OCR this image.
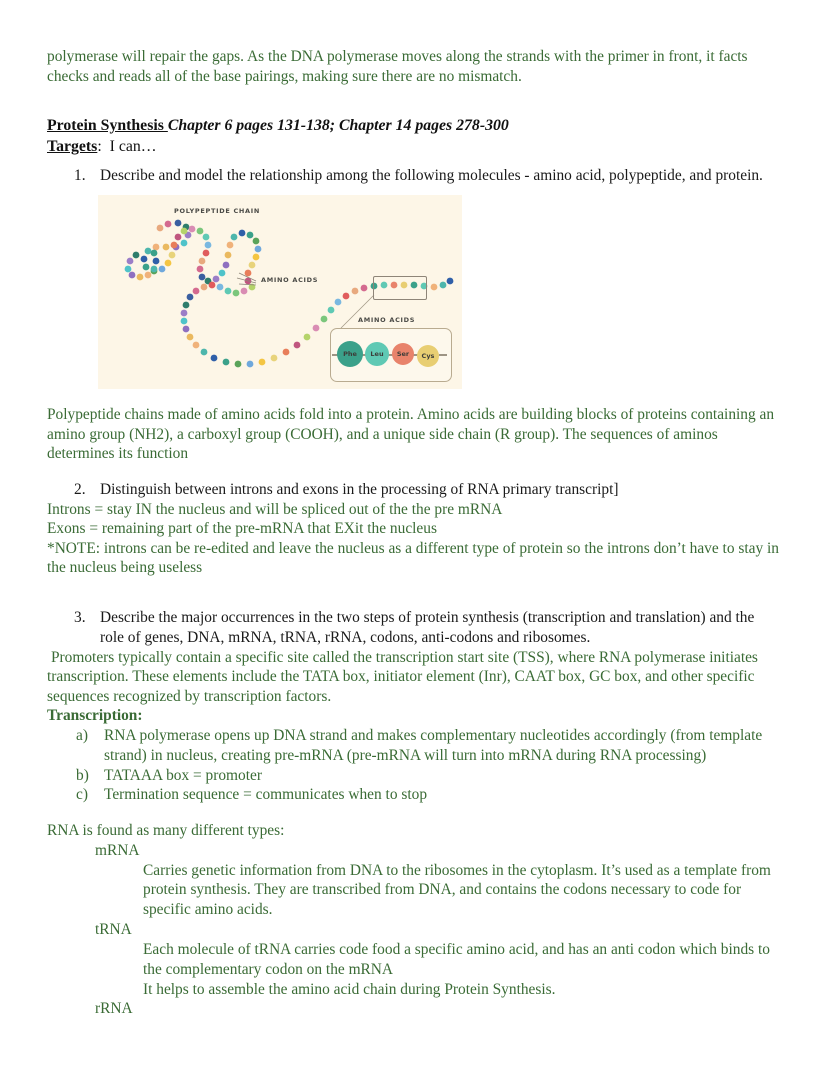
polymerase will repair the gaps. As the DNA polymerase moves along the strands with the primer in front, it facts checks and reads all of the base pairings, making sure there are no mismatch.

Protein Synthesis Chapter 6 pages 131-138; Chapter 14 pages 278-300
Targets: I can…
1. Describe and model the relationship among the following molecules - amino acid, polypeptide, and protein.
POLYPEPTIDE CHAIN
AMINO ACIDS
AMINO ACIDS
Phe Leu Ser Cys

Polypeptide chains made of amino acids fold into a protein. Amino acids are building blocks of proteins containing an amino group (NH2), a carboxyl group (COOH), and a unique side chain (R group). The sequences of aminos determines its function

2. Distinguish between introns and exons in the processing of RNA primary transcript]

Introns = stay IN the nucleus and will be spliced out of the the pre mRNA

Exons = remaining part of the pre-mRNA that EXit the nucleus

*NOTE: introns can be re-edited and leave the nucleus as a different type of protein so the introns don’t have to stay in the nucleus being useless

3. Describe the major occurrences in the two steps of protein synthesis (transcription and translation) and the role of genes, DNA, mRNA, tRNA, rRNA, codons, anti-codons and ribosomes.

Promoters typically contain a specific site called the transcription start site (TSS), where RNA polymerase initiates transcription. These elements include the TATA box, initiator element (Inr), CAAT box, GC box, and other specific sequences recognized by transcription factors.

Transcription:

a)	RNA polymerase opens up DNA strand and makes complementary nucleotides accordingly (from template strand) in nucleus, creating pre-mRNA (pre-mRNA will turn into mRNA during RNA processing)
b) TATAAA box = promoter
c)	Termination sequence = communicates when to stop

RNA is found as many different types:

mRNA
Carries genetic information from DNA to the ribosomes in the cytoplasm. It’s used as a template from protein synthesis. They are transcribed from DNA, and contains the codons necessary to code for specific amino acids.
tRNA
Each molecule of tRNA carries code food a specific amino acid, and has an anti codon which binds to the complementary codon on the mRNA
It helps to assemble the amino acid chain during Protein Synthesis.
rRNA
